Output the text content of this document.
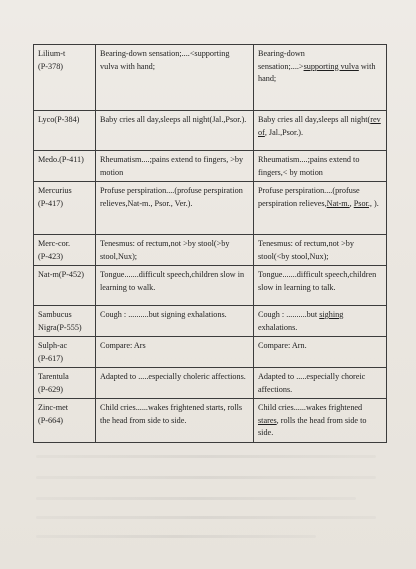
Lilium-t
(P-378)	Bearing-down sensation;....<supporting vulva with hand;	Bearing-down sensation;....>supporting vulva with hand;
Lyco(P-384)	Baby cries all day,sleeps all night(Jal.,Psor.).	Baby cries all day,sleeps all night(rev of, Jal.,Psor.).
Medo.(P-411)	Rheumatism....;pains extend to fingers, >by motion	Rheumatism....;pains extend to fingers,< by motion
Mercurius
(P-417)	Profuse perspiration....(profuse perspiration relieves,Nat-m., Psor., Ver.).	Profuse perspiration....(profuse perspiration relieves,Nat-m., Psor., ).
Merc-cor.
(P-423)	Tenesmus: of rectum,not >by stool(>by stool,Nux);	Tenesmus: of rectum,not >by stool(<by stool,Nux);
Nat-m(P-452)	Tongue.......difficult speech,children slow in learning to walk.	Tongue.......difficult speech,children slow in learning to talk.
Sambucus
Nigra(P-555)	Cough : ..........but signing exhalations.	Cough : ..........but sighing exhalations.
Sulph-ac
(P-617)	Compare: Ars	Compare: Arn.
Tarentula
(P-629)	Adapted to .....especially choleric affections.	Adapted to .....especially choreic affections.
Zinc-met
(P-664)	Child cries......wakes frightened starts, rolls the head from side to side.	Child cries......wakes frightened stares, rolls the head from side to side.
